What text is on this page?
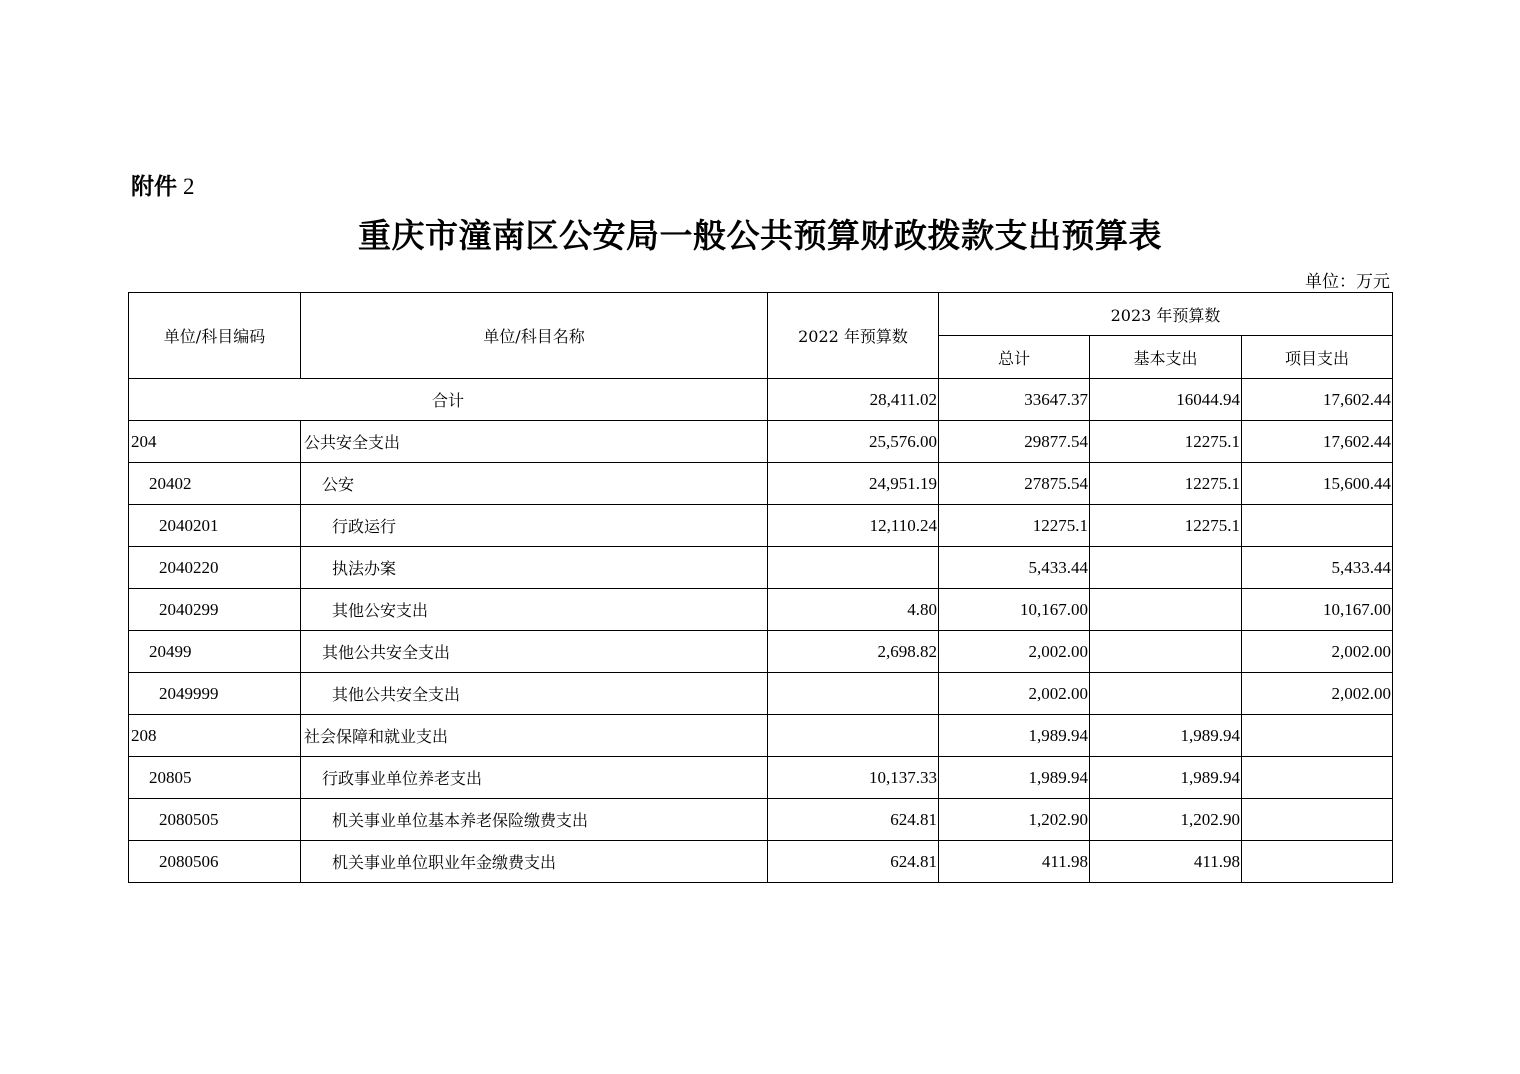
附件 2
重庆市潼南区公安局一般公共预算财政拨款支出预算表
单位：万元
单位/科目编码	单位/科目名称	2022 年预算数	2023 年预算数		
			总计	基本支出	项目支出
合计		28,411.02	33647.37	16044.94	17,602.44
204	公共安全支出	25,576.00	29877.54	12275.1	17,602.44
20402	公安	24,951.19	27875.54	12275.1	15,600.44
2040201	行政运行	12,110.24	12275.1	12275.1	
2040220	执法办案		5,433.44		5,433.44
2040299	其他公安支出	4.80	10,167.00		10,167.00
20499	其他公共安全支出	2,698.82	2,002.00		2,002.00
2049999	其他公共安全支出		2,002.00		2,002.00
208	社会保障和就业支出		1,989.94	1,989.94	
20805	行政事业单位养老支出	10,137.33	1,989.94	1,989.94	
2080505	机关事业单位基本养老保险缴费支出	624.81	1,202.90	1,202.90	
2080506	机关事业单位职业年金缴费支出	624.81	411.98	411.98	
